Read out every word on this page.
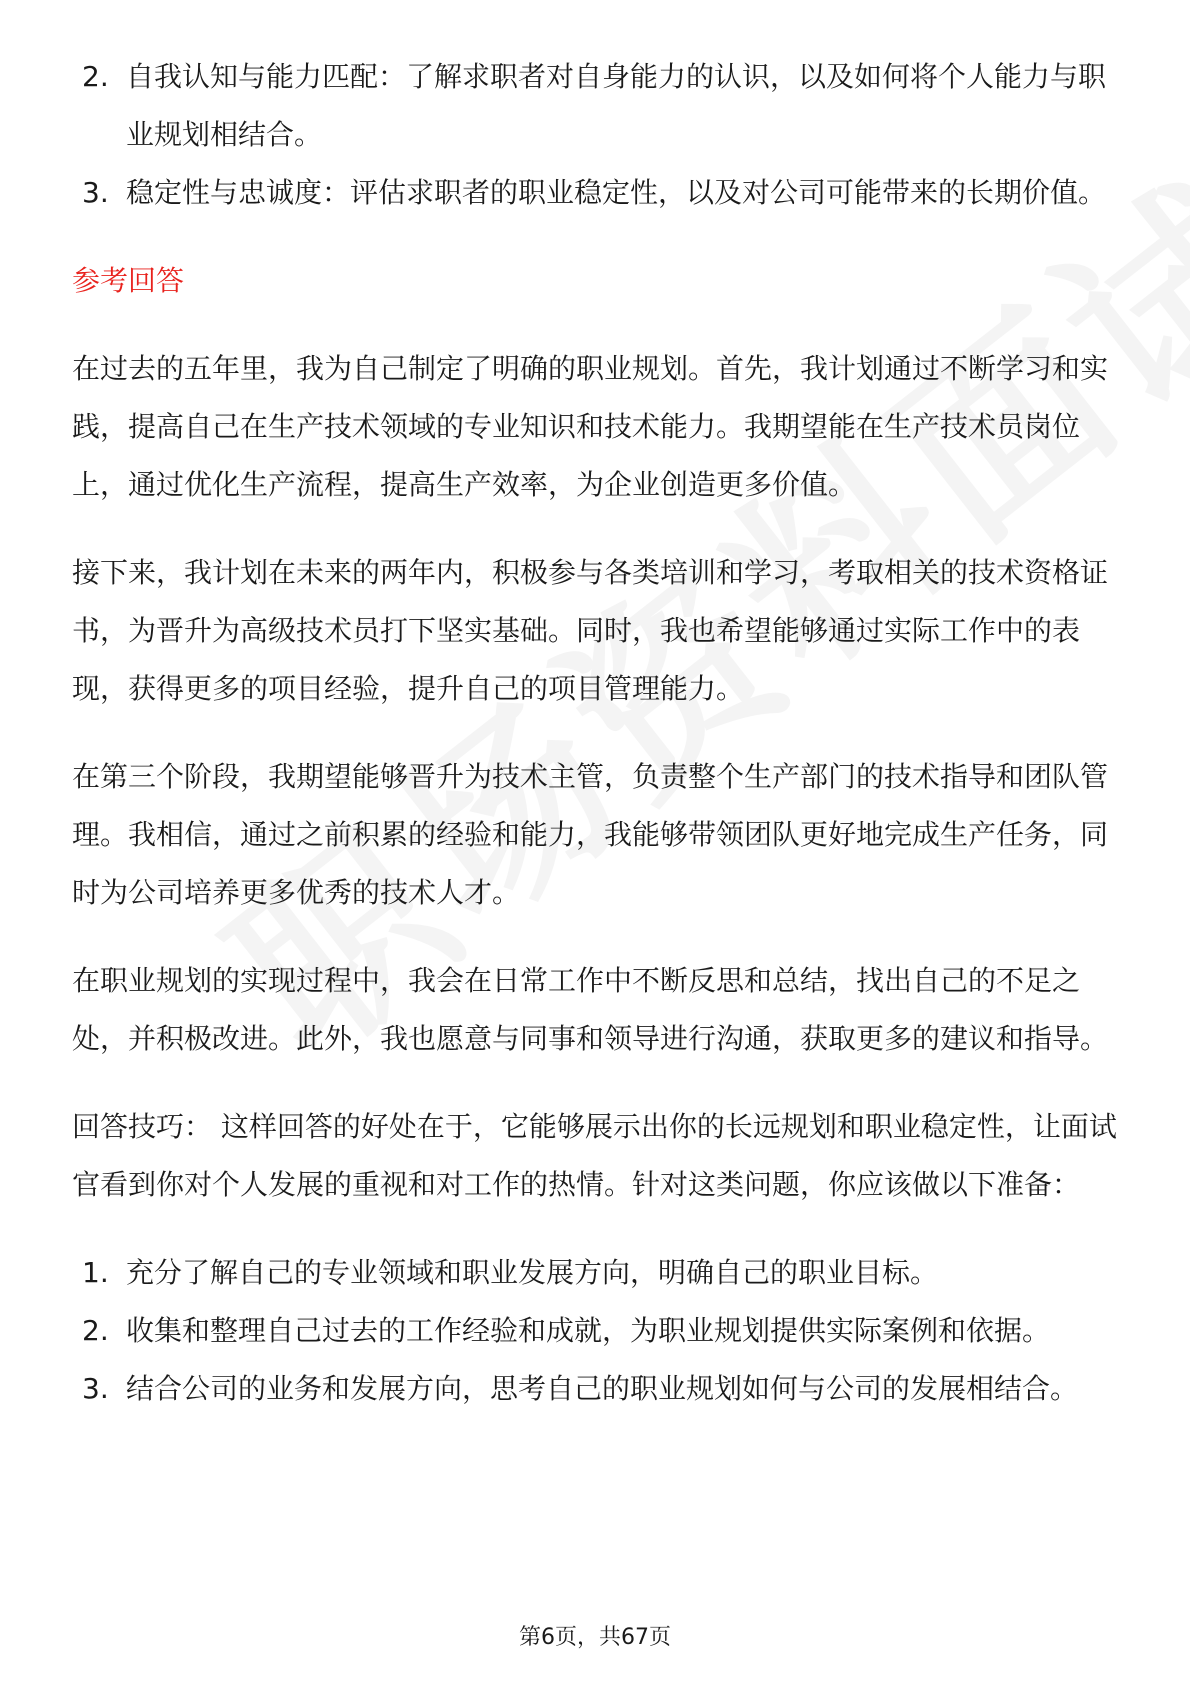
2. 自我认知与能力匹配：了解求职者对自身能力的认识，以及如何将个人能力与职业规划相结合。
3. 稳定性与忠诚度：评估求职者的职业稳定性，以及对公司可能带来的长期价值。
参考回答

在过去的五年里，我为自己制定了明确的职业规划。首先，我计划通过不断学习和实践，提高自己在生产技术领域的专业知识和技术能力。我期望能在生产技术员岗位上，通过优化生产流程，提高生产效率，为企业创造更多价值。

接下来，我计划在未来的两年内，积极参与各类培训和学习，考取相关的技术资格证书，为晋升为高级技术员打下坚实基础。同时，我也希望能够通过实际工作中的表现，获得更多的项目经验，提升自己的项目管理能力。

在第三个阶段，我期望能够晋升为技术主管，负责整个生产部门的技术指导和团队管理。我相信，通过之前积累的经验和能力，我能够带领团队更好地完成生产任务，同时为公司培养更多优秀的技术人才。

在职业规划的实现过程中，我会在日常工作中不断反思和总结，找出自己的不足之处，并积极改进。此外，我也愿意与同事和领导进行沟通，获取更多的建议和指导。

回答技巧： 这样回答的好处在于，它能够展示出你的长远规划和职业稳定性，让面试官看到你对个人发展的重视和对工作的热情。针对这类问题，你应该做以下准备：

1. 充分了解自己的专业领域和职业发展方向，明确自己的职业目标。
2. 收集和整理自己过去的工作经验和成就，为职业规划提供实际案例和依据。
3. 结合公司的业务和发展方向，思考自己的职业规划如何与公司的发展相结合。
第6页，共67页
